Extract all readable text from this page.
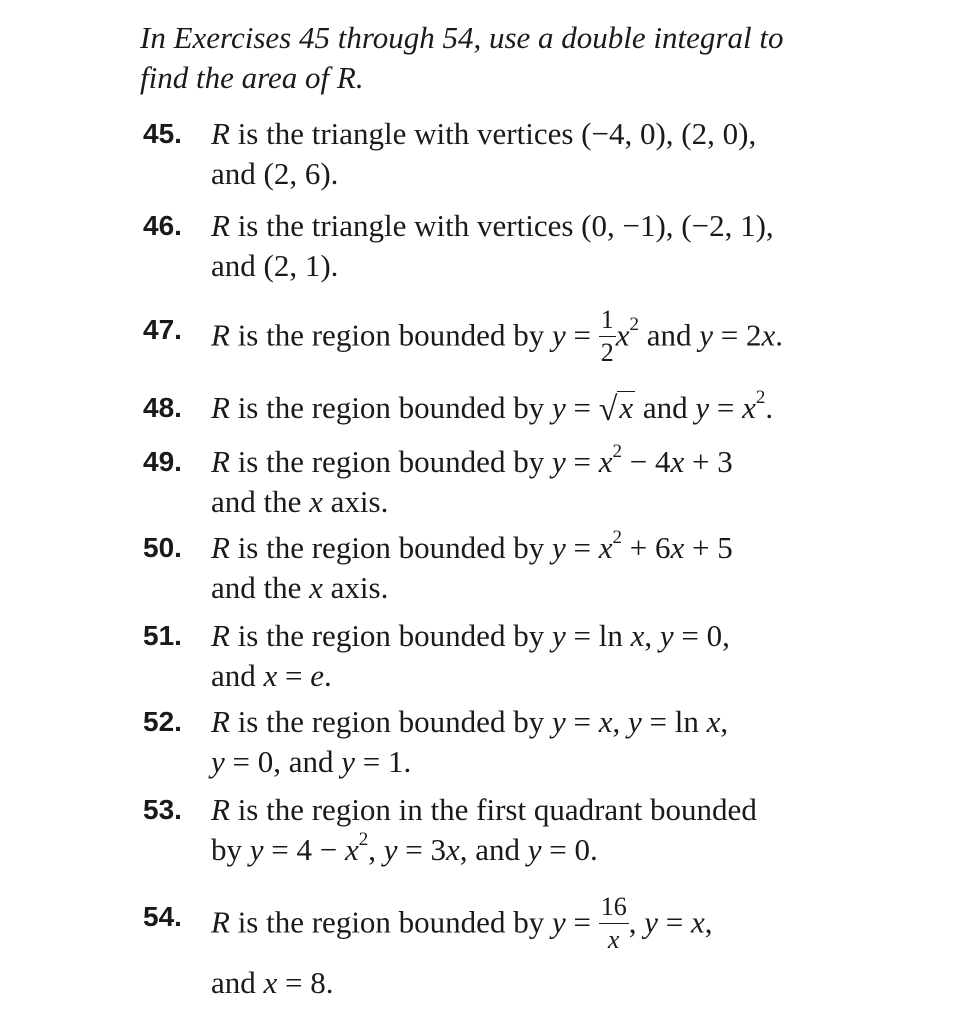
In Exercises 45 through 54, use a double integral to
find the area of R.
45. R is the triangle with vertices (−4, 0), (2, 0),
and (2, 6).
46. R is the triangle with vertices (0, −1), (−2, 1),
and (2, 1).
47. R is the region bounded by $y = \frac{1}{2} x^2$ and y = 2x.
48. R is the region bounded by y = √x and $y = x^2$.
49. R is the region bounded by $y = x^2 - 4x + 3$
and the x axis.
50. R is the region bounded by $y = x^2 + 6x + 5$
and the x axis.
51. R is the region bounded by y = ln x, y = 0,
and x = e.
52. R is the region bounded by y = x, y = ln x,
y = 0, and y = 1.
53. R is the region in the first quadrant bounded
by $y = 4 - x^2$, y = 3x, and y = 0.
54. R is the region bounded by $y = \frac{16}{x}$ , y = x,
and x = 8.
